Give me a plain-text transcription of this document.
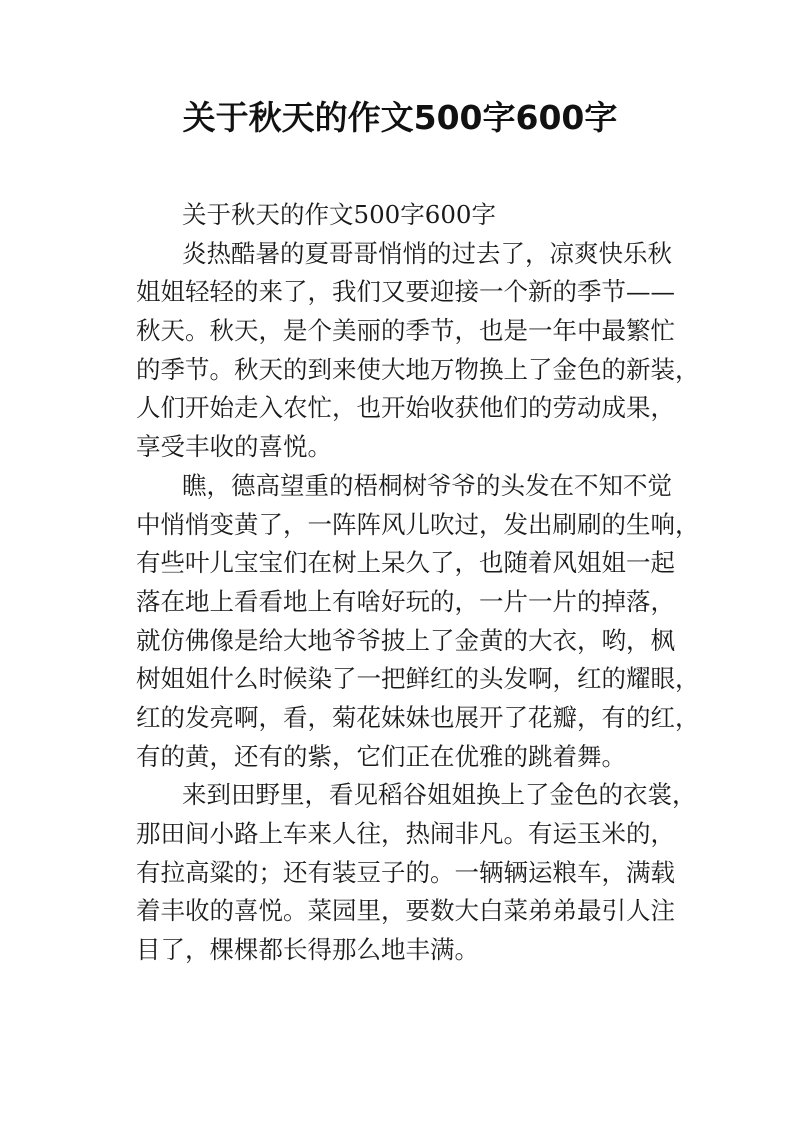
关于秋天的作文500字600字
关于秋天的作文500字600字
炎热酷暑的夏哥哥悄悄的过去了，凉爽快乐秋
姐姐轻轻的来了，我们又要迎接一个新的季节——
秋天。秋天，是个美丽的季节，也是一年中最繁忙
的季节。秋天的到来使大地万物换上了金色的新装，
人们开始走入农忙，也开始收获他们的劳动成果，
享受丰收的喜悦。
瞧，德高望重的梧桐树爷爷的头发在不知不觉
中悄悄变黄了，一阵阵风儿吹过，发出刷刷的生响，
有些叶儿宝宝们在树上呆久了，也随着风姐姐一起
落在地上看看地上有啥好玩的，一片一片的掉落，
就仿佛像是给大地爷爷披上了金黄的大衣，哟，枫
树姐姐什么时候染了一把鲜红的头发啊，红的耀眼，
红的发亮啊，看，菊花妹妹也展开了花瓣，有的红，
有的黄，还有的紫，它们正在优雅的跳着舞。
来到田野里，看见稻谷姐姐换上了金色的衣裳，
那田间小路上车来人往，热闹非凡。有运玉米的，
有拉高粱的；还有装豆子的。一辆辆运粮车，满载
着丰收的喜悦。菜园里，要数大白菜弟弟最引人注
目了，棵棵都长得那么地丰满。
